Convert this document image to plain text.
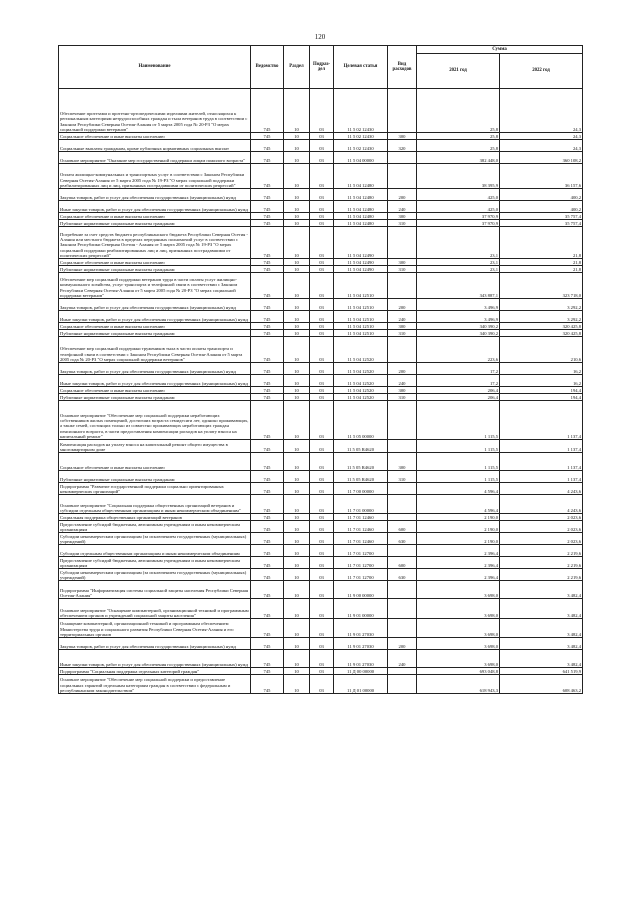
120
Наименование	Ведомство	Раздел	Подраз-дел	Целевая статья	Вид расходов	Сумма	
						2021 год	2022 год
Обеспечение протезами и протезно-ортопедическими изделиями жителей, относящихся к региональным категориям нетрудоспособных граждан и тыла ветеранов труда в соответствии с Законом Республики Северная Осетия-Алания от 5 марта 2005 года № 20-РЗ "О мерах социальной поддержки ветеранов"	745	10	03	11 5 02 12430		25,8	24,3
Социальное обеспечение и иные выплаты населению	745	10	03	11 5 02 12430	300	25,8	24,3
Социальные выплаты гражданам, кроме публичных нормативных социальных выплат	745	10	03	11 5 02 12430	320	25,8	24,3
Основное мероприятие "Оказание мер государственной поддержки лицам пожилого возраста"	745	10	03	11 5 04 00000		382 448,0	360 108,2
Оплата жилищно-коммунальных и транспортных услуг в соответствии с Законом Республики Северная Осетия-Алания от 5 марта 2005 года № 19-РЗ "О мерах социальной поддержки реабилитированных лиц и лиц, признанных пострадавшими от политических репрессий"	745	10	03	11 5 04 12480		38 395,9	36 157,6
Закупка товаров, работ и услуг для обеспечения государственных (муниципальных) нужд	745	10	03	11 5 04 12480	200	425,0	400,2
Иные закупки товаров, работ и услуг для обеспечения государственных (муниципальных) нужд	745	10	03	11 5 04 12480	240	425,0	400,2
Социальное обеспечение и иные выплаты населению	745	10	03	11 5 04 12480	300	37 970,9	35 757,4
Публичные нормативные социальные выплаты гражданам	745	10	03	11 5 04 12480	310	37 970,9	35 757,4
Погребение за счет средств бюджета республиканского бюджета Республики Северная Осетия - Алания или местного бюджета в пределах переданных полномочий услуг в соответствии с Законом Республики Северная Осетия - Алания от 5 марта 2005 года № 19-РЗ "О мерах социальной поддержки реабилитированных лиц и лиц, признанных пострадавшими от политических репрессий"	745	10	03	11 5 04 12490		23,1	21,8
Социальное обеспечение и иные выплаты населению	745	10	03	11 5 04 12490	300	23,1	21,8
Публичные нормативные социальные выплаты гражданам	745	10	03	11 5 04 12490	310	23,1	21,8
Обеспечение мер социальной поддержки ветеранов труда в части оплаты услуг жилищно-коммунального хозяйства, услуг транспорта и телефонной связи в соответствии с Законом Республики Северная Осетия-Алания от 5 марта 2005 года № 20-РЗ "О мерах социальной поддержки ветеранов"	745	10	03	11 5 04 12510		343 887,1	323 718,0
Закупка товаров, работ и услуг для обеспечения государственных (муниципальных) нужд	745	10	03	11 5 04 12510	200	3 496,9	3 292,2
Иные закупки товаров, работ и услуг для обеспечения государственных (муниципальных) нужд	745	10	03	11 5 04 12510	240	3 496,9	3 292,2
Социальное обеспечение и иные выплаты населению	745	10	03	11 5 04 12510	300	340 390,2	320 425,8
Публичные нормативные социальные выплаты гражданам	745	10	03	11 5 04 12510	310	340 390,2	320 425,8
Обеспечение мер социальной поддержки тружеников тыла в части оплаты транспорта и телефонной связи в соответствии с Законом Республики Северная Осетия-Алания от 5 марта 2005 года № 20-РЗ "О мерах социальной поддержки ветеранов"	745	10	03	11 5 04 12520		223,6	210,6
Закупка товаров, работ и услуг для обеспечения государственных (муниципальных) нужд	745	10	03	11 5 04 12520	200	17,2	16,2
Иные закупки товаров, работ и услуг для обеспечения государственных (муниципальных) нужд	745	10	03	11 5 04 12520	240	17,2	16,2
Социальное обеспечение и иные выплаты населению	745	10	03	11 5 04 12520	300	206,4	194,4
Публичные нормативные социальные выплаты гражданам	745	10	03	11 5 04 12520	310	206,4	194,4
Основное мероприятие "Обеспечение мер социальной поддержки неработающих собственников жилых помещений, достигших возраста семидесяти лет, одиноко проживающих, а также семей, состоящих только из совместно проживающих неработающих граждан пенсионного возраста, в части предоставления компенсации расходов на уплату взноса на капитальный ремонт"	745	10	03	11 5 05 00000		1 115,5	1 137,4
Компенсация расходов на уплату взноса на капитальный ремонт общего имущества в многоквартирном доме	745	10	03	11 5 05 R4620		1 115,5	1 137,4
Социальное обеспечение и иные выплаты населению	745	10	03	11 5 05 R4620	300	1 115,5	1 137,4
Публичные нормативные социальные выплаты гражданам	745	10	03	11 5 05 R4620	310	1 115,5	1 137,4
Подпрограмма "Развитие государственной поддержки социально ориентированных некоммерческих организаций"	745	10	03	11 7 00 00000		4 596,4	4 243,6
Основное мероприятие "Социальная поддержка общественных организаций ветеранов и субсидии отдельным общественным организациям и иным некоммерческим объединениям"	745	10	03	11 7 01 00000		4 596,4	4 243,6
Социальная поддержка общественных организаций ветеранов	745	10	03	11 7 01 12460		2 190,0	2 023,6
Предоставление субсидий бюджетным, автономным учреждениям и иным некоммерческим организациям	745	10	03	11 7 01 12460	600	2 190,0	2 023,6
Субсидии некоммерческим организациям (за исключением государственных (муниципальных) учреждений)	745	10	03	11 7 01 12460	630	2 190,0	2 023,6
Субсидии отдельным общественным организациям и иным некоммерческим объединениям	745	10	03	11 7 01 12700		2 396,4	2 219,6
Предоставление субсидий бюджетным, автономным учреждениям и иным некоммерческим организациям	745	10	03	11 7 01 12700	600	2 396,4	2 219,6
Субсидии некоммерческим организациям (за исключением государственных (муниципальных) учреждений)	745	10	03	11 7 01 12700	630	2 396,4	2 219,6
Подпрограмма "Информатизация системы социальной защиты населения Республики Северная Осетия-Алания"	745	10	03	11 9 00 00000		3 698,0	3 482,4
Основное мероприятие "Оснащение компьютерной, организационной техникой и программным обеспечением органов и учреждений социальной защиты населения"	745	10	03	11 9 01 00000		3 698,0	3 482,4
Оснащение компьютерной, организационной техникой и программным обеспечением Министерства труда и социального развития Республики Северная Осетия-Алания и его территориальных органов	745	10	03	11 9 01 27030		3 698,0	3 482,4
Закупка товаров, работ и услуг для обеспечения государственных (муниципальных) нужд	745	10	03	11 9 01 27030	200	3 698,0	3 482,4
Иные закупки товаров, работ и услуг для обеспечения государственных (муниципальных) нужд	745	10	03	11 9 01 27030	240	3 698,0	3 482,4
Подпрограмма "Социальная поддержка отдельных категорий граждан"	745	10	03	11 Д 00 00000		693 048,8	641 519,9
Основное мероприятие "Обеспечение мер социальной поддержки и предоставление социальных гарантий отдельным категориям граждан в соответствии с федеральным и республиканским законодательством"	745	10	03	11 Д 01 00000		618 943,3	608 463,2
